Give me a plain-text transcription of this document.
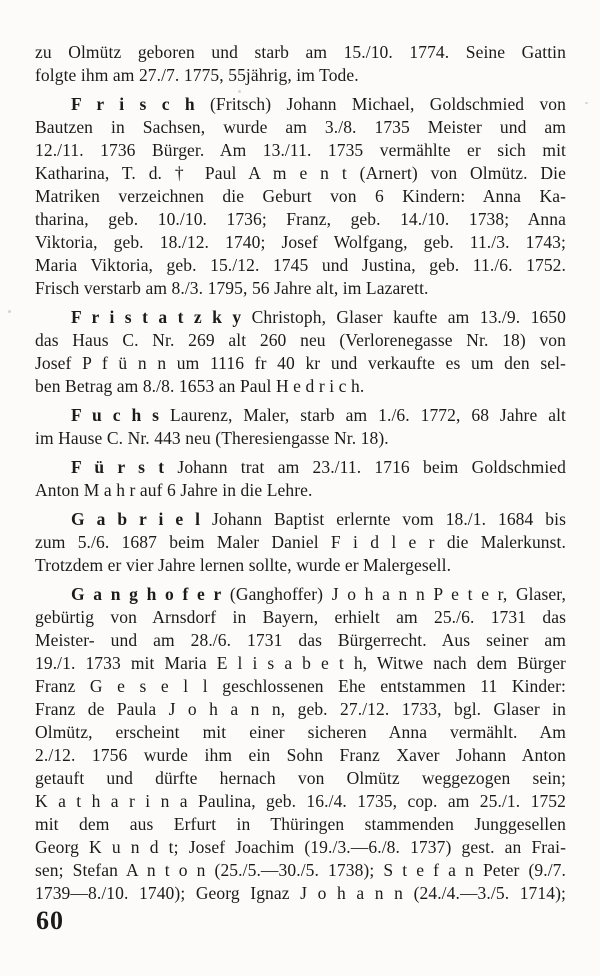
zu Olmütz geboren und starb am 15./10. 1774. Seine Gattin
folgte ihm am 27./7. 1775, 55jährig, im Tode.
F r i s c h (Fritsch) Johann Michael, Goldschmied von
Bautzen in Sachsen, wurde am 3./8. 1735 Meister und am
12./11. 1736 Bürger. Am 13./11. 1735 vermählte er sich mit
Katharina, T. d. † Paul A m e n t (Arnert) von Olmütz. Die
Matriken verzeichnen die Geburt von 6 Kindern: Anna Ka-
tharina, geb. 10./10. 1736; Franz, geb. 14./10. 1738; Anna
Viktoria, geb. 18./12. 1740; Josef Wolfgang, geb. 11./3. 1743;
Maria Viktoria, geb. 15./12. 1745 und Justina, geb. 11./6. 1752.
Frisch verstarb am 8./3. 1795, 56 Jahre alt, im Lazarett.
F r i s t a t z k y Christoph, Glaser kaufte am 13./9. 1650
das Haus C. Nr. 269 alt 260 neu (Verlorenegasse Nr. 18) von
Josef P f ü n n um 1116 fr 40 kr und verkaufte es um den sel-
ben Betrag am 8./8. 1653 an Paul H e d r i c h.
F u c h s Laurenz, Maler, starb am 1./6. 1772, 68 Jahre alt
im Hause C. Nr. 443 neu (Theresiengasse Nr. 18).
F ü r s t Johann trat am 23./11. 1716 beim Goldschmied
Anton M a h r auf 6 Jahre in die Lehre.
G a b r i e l Johann Baptist erlernte vom 18./1. 1684 bis
zum 5./6. 1687 beim Maler Daniel F i d l e r die Malerkunst.
Trotzdem er vier Jahre lernen sollte, wurde er Malergesell.
G a n g h o f e r (Ganghoffer) J o h a n n P e t e r, Glaser,
gebürtig von Arnsdorf in Bayern, erhielt am 25./6. 1731 das
Meister- und am 28./6. 1731 das Bürgerrecht. Aus seiner am
19./1. 1733 mit Maria E l i s a b e t h, Witwe nach dem Bürger
Franz G e s e l l geschlossenen Ehe entstammen 11 Kinder:
Franz de Paula J o h a n n, geb. 27./12. 1733, bgl. Glaser in
Olmütz, erscheint mit einer sicheren Anna vermählt. Am
2./12. 1756 wurde ihm ein Sohn Franz Xaver Johann Anton
getauft und dürfte hernach von Olmütz weggezogen sein;
K a t h a r i n a Paulina, geb. 16./4. 1735, cop. am 25./1. 1752
mit dem aus Erfurt in Thüringen stammenden Junggesellen
Georg K u n d t; Josef Joachim (19./3.—6./8. 1737) gest. an Frai-
sen; Stefan A n t o n (25./5.—30./5. 1738); S t e f a n Peter (9./7.
1739—8./10. 1740); Georg Ignaz J o h a n n (24./4.—3./5. 1714);
60
